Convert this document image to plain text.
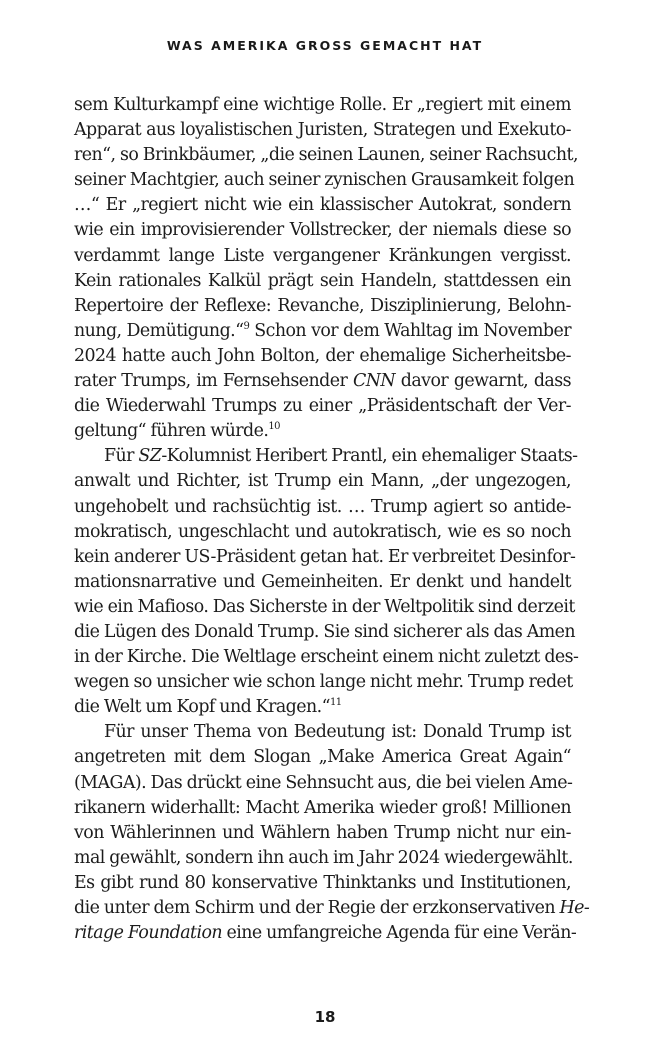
WAS AMERIKA GROSS GEMACHT HAT
sem Kulturkampf eine wichtige Rolle. Er „regiert mit einem
Apparat aus loyalistischen Juristen, Strategen und Exekuto-
ren“, so Brinkbäumer, „die seinen Launen, seiner Rachsucht,
seiner Machtgier, auch seiner zynischen Grausamkeit folgen
…“ Er „regiert nicht wie ein klassischer Autokrat, sondern
wie ein improvisierender Vollstrecker, der niemals diese so
verdammt lange Liste vergangener Kränkungen vergisst.
Kein rationales Kalkül prägt sein Handeln, stattdessen ein
Repertoire der Reflexe: Revanche, Disziplinierung, Belohn-
nung, Demütigung.“$^9$ Schon vor dem Wahltag im November
2024 hatte auch John Bolton, der ehemalige Sicherheitsbe-
rater Trumps, im Fernsehsender CNN davor gewarnt, dass
die Wiederwahl Trumps zu einer „Präsidentschaft der Ver-
geltung“ führen würde.$^{10}$
Für SZ-Kolumnist Heribert Prantl, ein ehemaliger Staats-
anwalt und Richter, ist Trump ein Mann, „der ungezogen,
ungehobelt und rachsüchtig ist. … Trump agiert so antide-
mokratisch, ungeschlacht und autokratisch, wie es so noch
kein anderer US-Präsident getan hat. Er verbreitet Desinfor-
mationsnarrative und Gemeinheiten. Er denkt und handelt
wie ein Mafioso. Das Sicherste in der Weltpolitik sind derzeit
die Lügen des Donald Trump. Sie sind sicherer als das Amen
in der Kirche. Die Weltlage erscheint einem nicht zuletzt des-
wegen so unsicher wie schon lange nicht mehr. Trump redet
die Welt um Kopf und Kragen.“$^{11}$
Für unser Thema von Bedeutung ist: Donald Trump ist
angetreten mit dem Slogan „Make America Great Again“
(MAGA). Das drückt eine Sehnsucht aus, die bei vielen Ame-
rikanern widerhallt: Macht Amerika wieder groß! Millionen
von Wählerinnen und Wählern haben Trump nicht nur ein-
mal gewählt, sondern ihn auch im Jahr 2024 wiedergewählt.
Es gibt rund 80 konservative Thinktanks und Institutionen,
die unter dem Schirm und der Regie der erzkonservativen He-
ritage Foundation eine umfangreiche Agenda für eine Verän-
18
